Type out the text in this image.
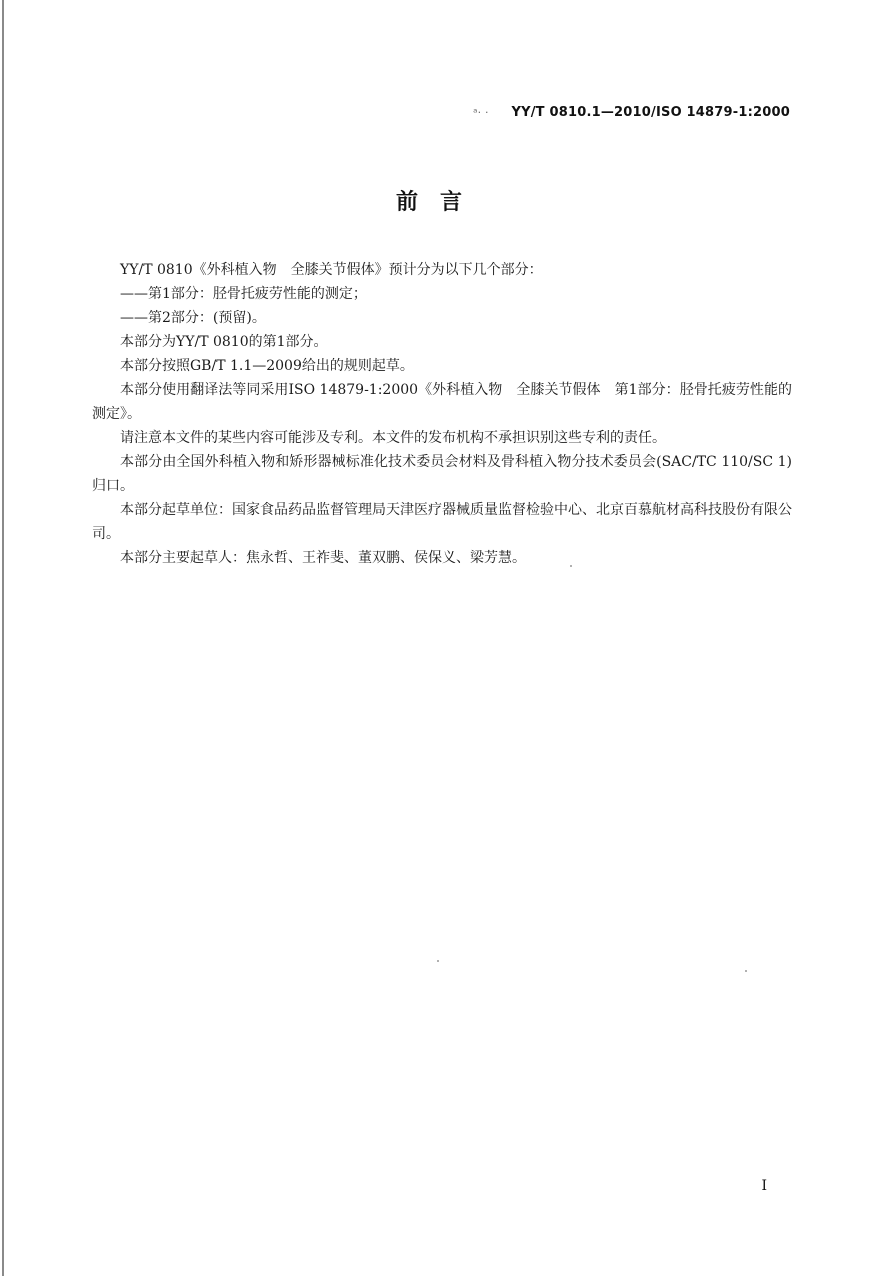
ᵃ· · YY/T 0810.1—2010/ISO 14879-1:2000
前言

YY/T 0810《外科植入物　全膝关节假体》预计分为以下几个部分：

——第1部分：胫骨托疲劳性能的测定；

——第2部分：(预留)。

本部分为YY/T 0810的第1部分。

本部分按照GB/T 1.1—2009给出的规则起草。

本部分使用翻译法等同采用ISO 14879-1:2000《外科植入物　全膝关节假体　第1部分：胫骨托疲劳性能的测定》。

请注意本文件的某些内容可能涉及专利。本文件的发布机构不承担识别这些专利的责任。

本部分由全国外科植入物和矫形器械标准化技术委员会材料及骨科植入物分技术委员会(SAC/TC 110/SC 1)归口。

本部分起草单位：国家食品药品监督管理局天津医疗器械质量监督检验中心、北京百慕航材高科技股份有限公司。

本部分主要起草人：焦永哲、王祚斐、董双鹏、侯保义、梁芳慧。

I
